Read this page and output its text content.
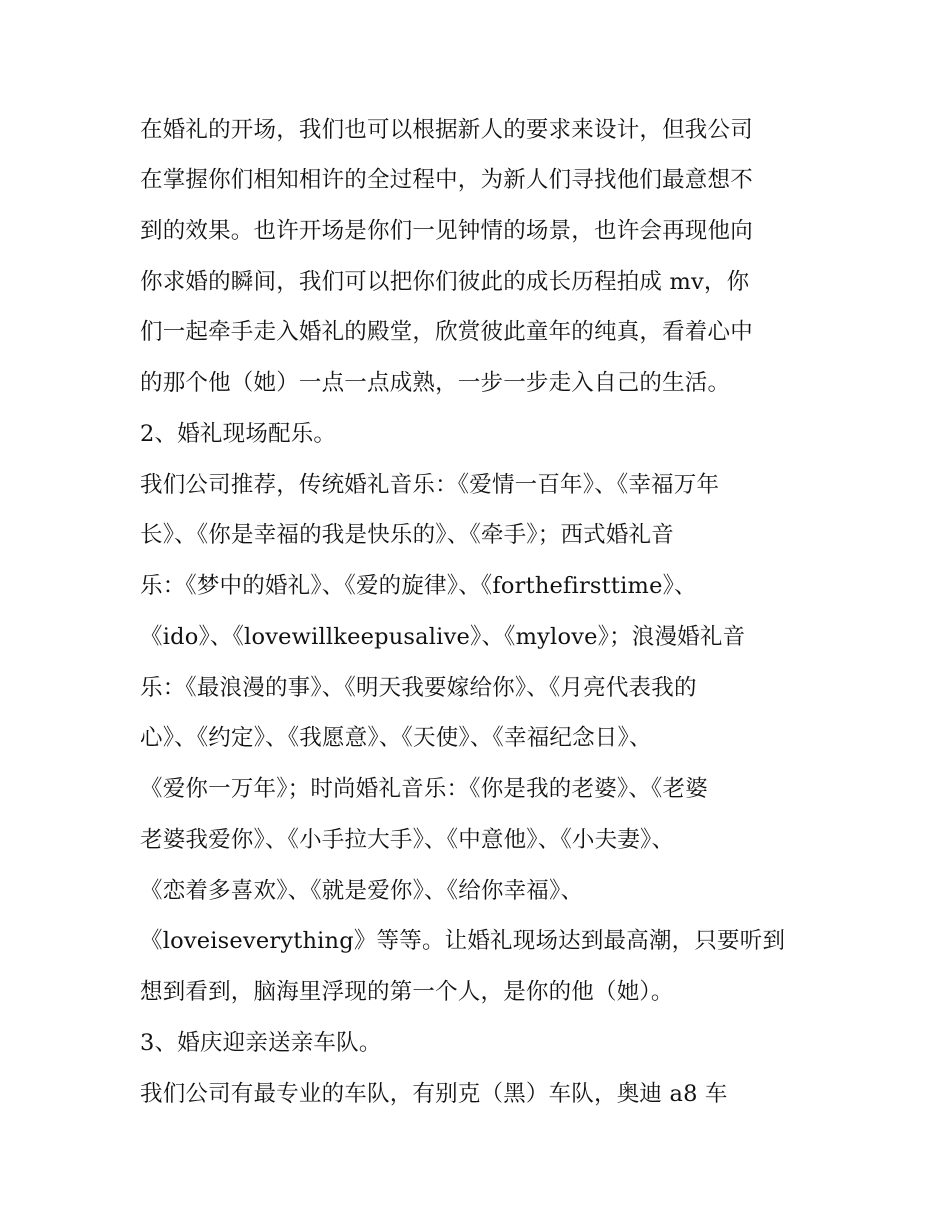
在婚礼的开场，我们也可以根据新人的要求来设计，但我公司
在掌握你们相知相许的全过程中，为新人们寻找他们最意想不
到的效果。也许开场是你们一见钟情的场景，也许会再现他向
你求婚的瞬间，我们可以把你们彼此的成长历程拍成 mv，你
们一起牵手走入婚礼的殿堂，欣赏彼此童年的纯真，看着心中
的那个他（她）一点一点成熟，一步一步走入自己的生活。
2、婚礼现场配乐。
我们公司推荐，传统婚礼音乐：《爱情一百年》、《幸福万年
长》、《你是幸福的我是快乐的》、《牵手》；西式婚礼音
乐：《梦中的婚礼》、《爱的旋律》、《forthefirsttime》、
《ido》、《lovewillkeepusalive》、《mylove》；浪漫婚礼音
乐：《最浪漫的事》、《明天我要嫁给你》、《月亮代表我的
心》、《约定》、《我愿意》、《天使》、《幸福纪念日》、
《爱你一万年》；时尚婚礼音乐：《你是我的老婆》、《老婆
老婆我爱你》、《小手拉大手》、《中意他》、《小夫妻》、
《恋着多喜欢》、《就是爱你》、《给你幸福》、
《loveiseverything》等等。让婚礼现场达到最高潮，只要听到
想到看到，脑海里浮现的第一个人，是你的他（她）。
3、婚庆迎亲送亲车队。
我们公司有最专业的车队，有别克（黑）车队，奥迪 a8 车
